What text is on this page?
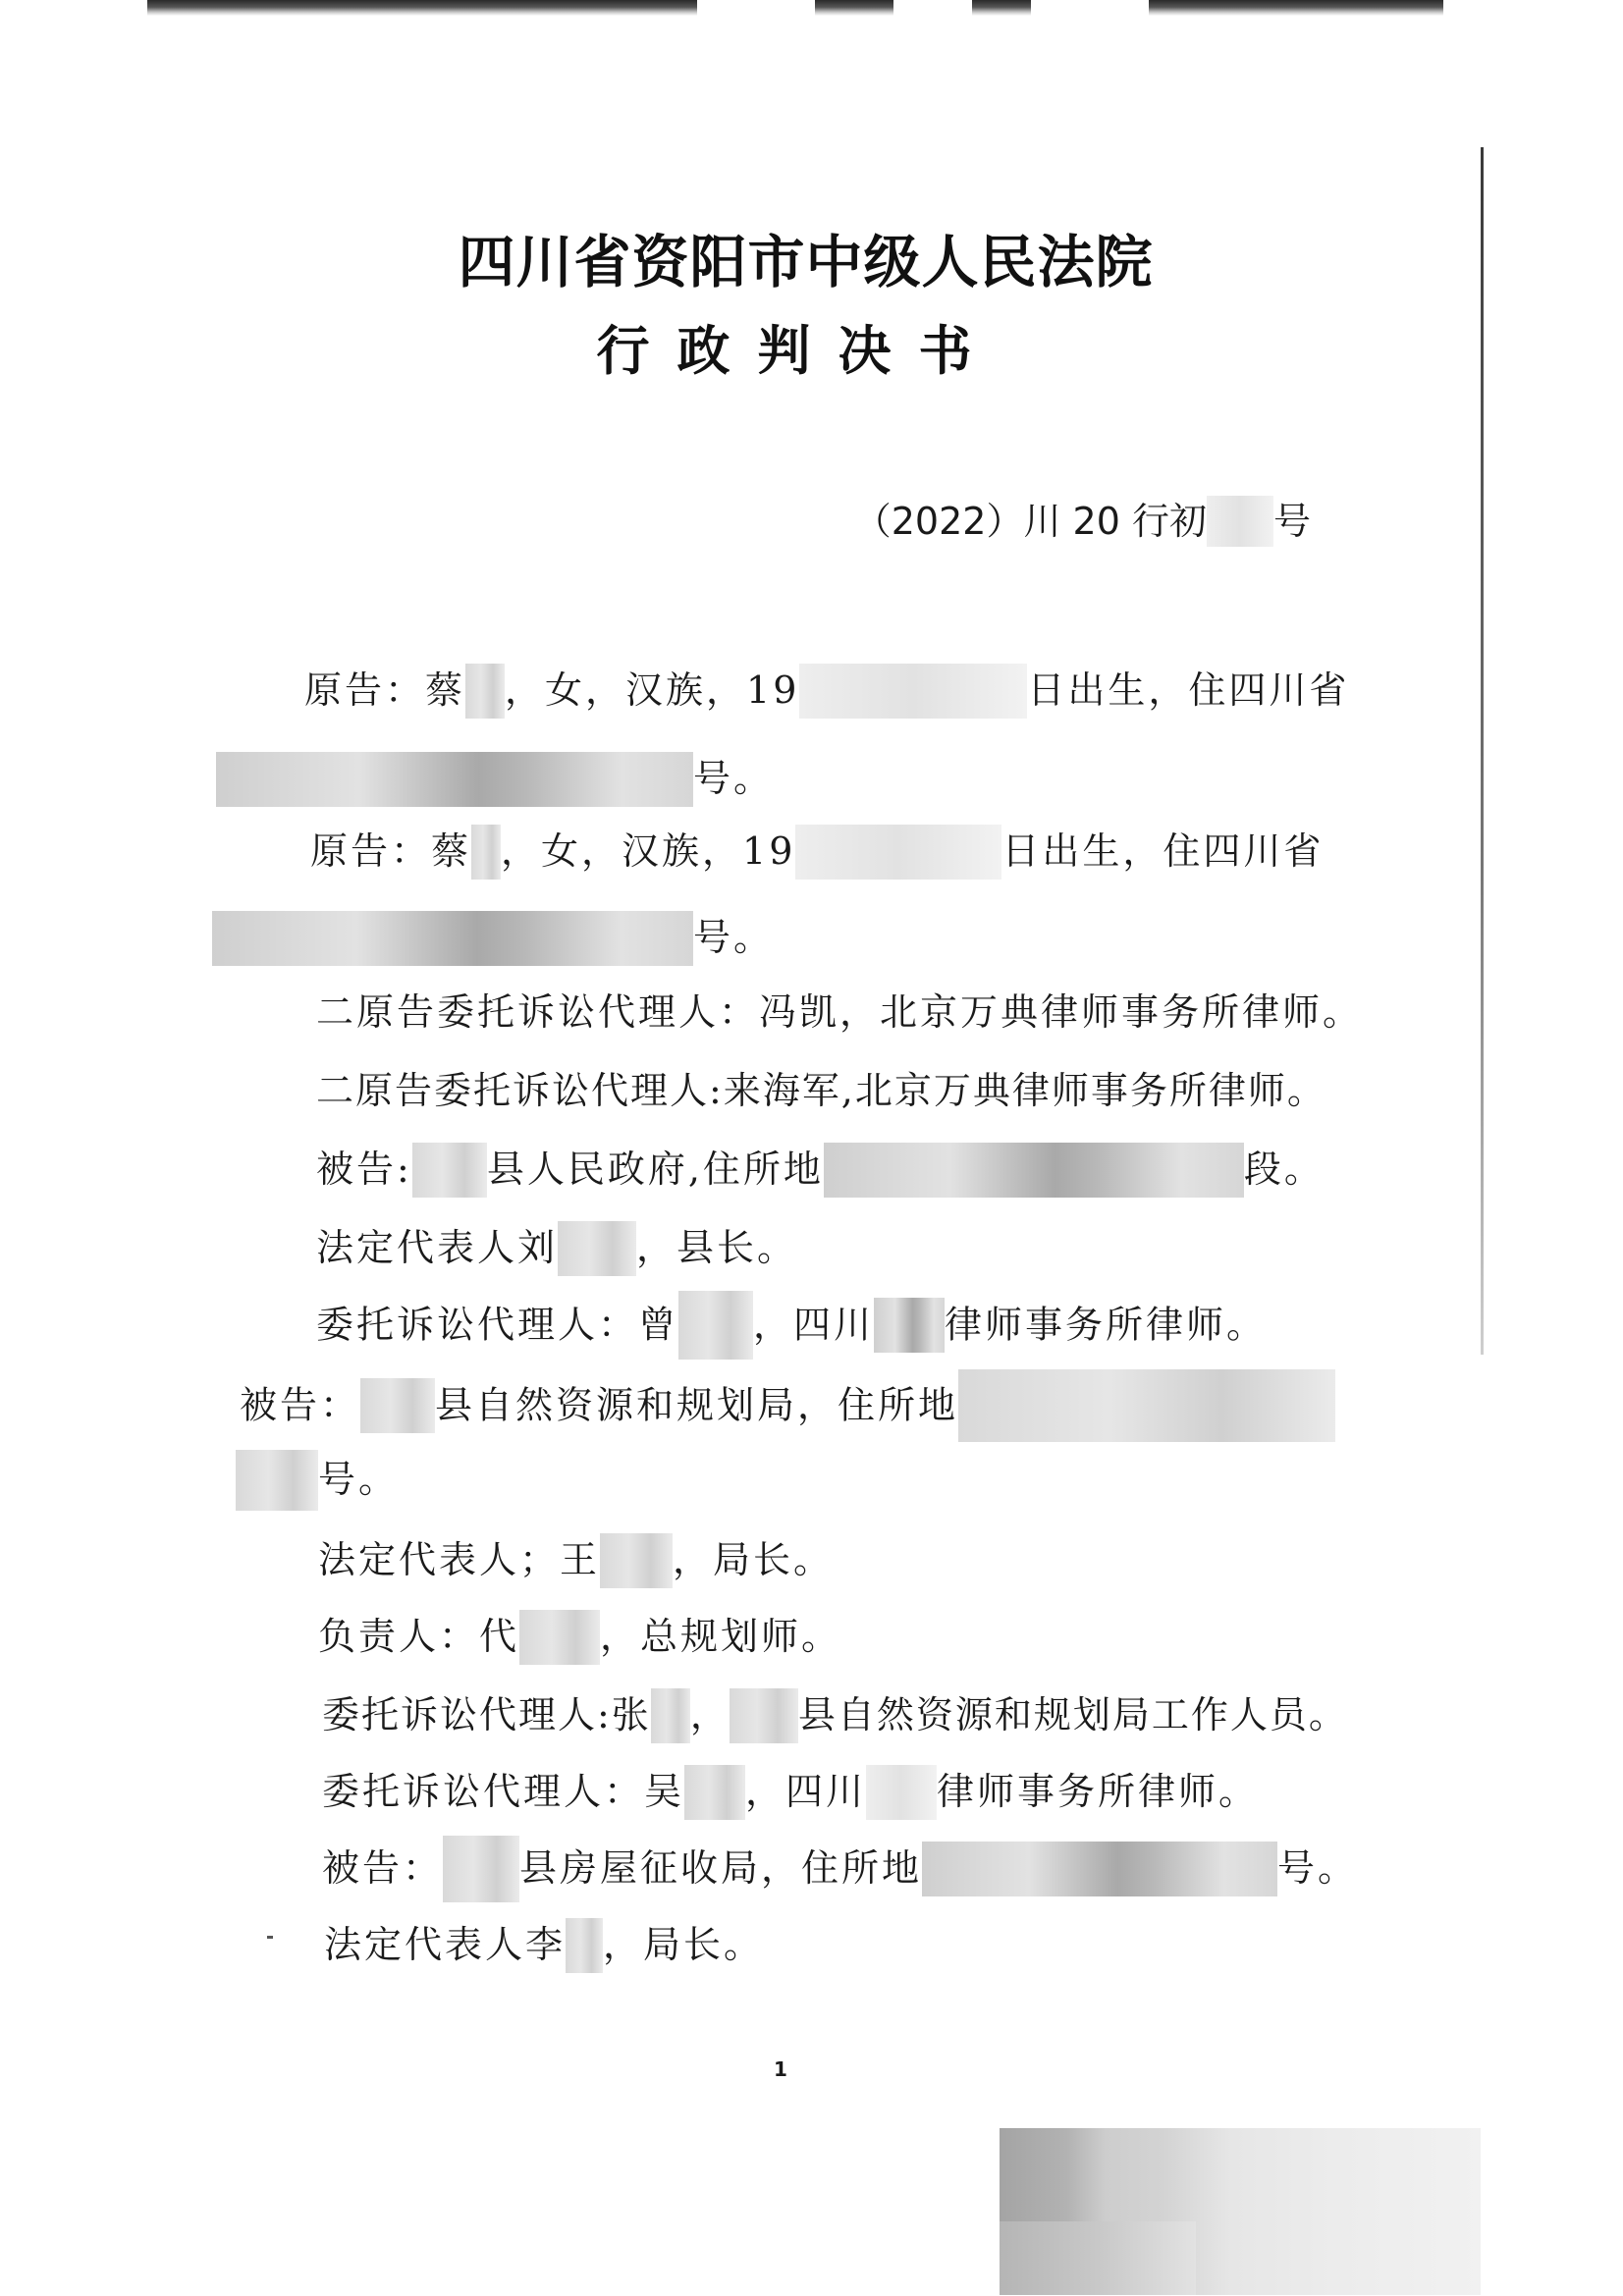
四川省资阳市中级人民法院
行政判决书
（2022）川 20 行初 号
原告：蔡 ，女，汉族，19	日出生，住四川省
号。
原告：蔡 ，女，汉族，19	日出生，住四川省
号。
二原告委托诉讼代理人：冯凯，北京万典律师事务所律师。
二原告委托诉讼代理人:来海军,北京万典律师事务所律师。
被告: 县人民政府,住所地	段。
法定代表人刘 ，县长。
委托诉讼代理人：曾 ，四川 律师事务所律师。
被告： 县自然资源和规划局，住所地
号。
法定代表人；王 ，局长。
负责人：代 ，总规划师。
委托诉讼代理人:张 ， 县自然资源和规划局工作人员。
委托诉讼代理人：吴 ，四川 律师事务所律师。
被告： 县房屋征收局，住所地	号。
法定代表人李 ，局长。
1
